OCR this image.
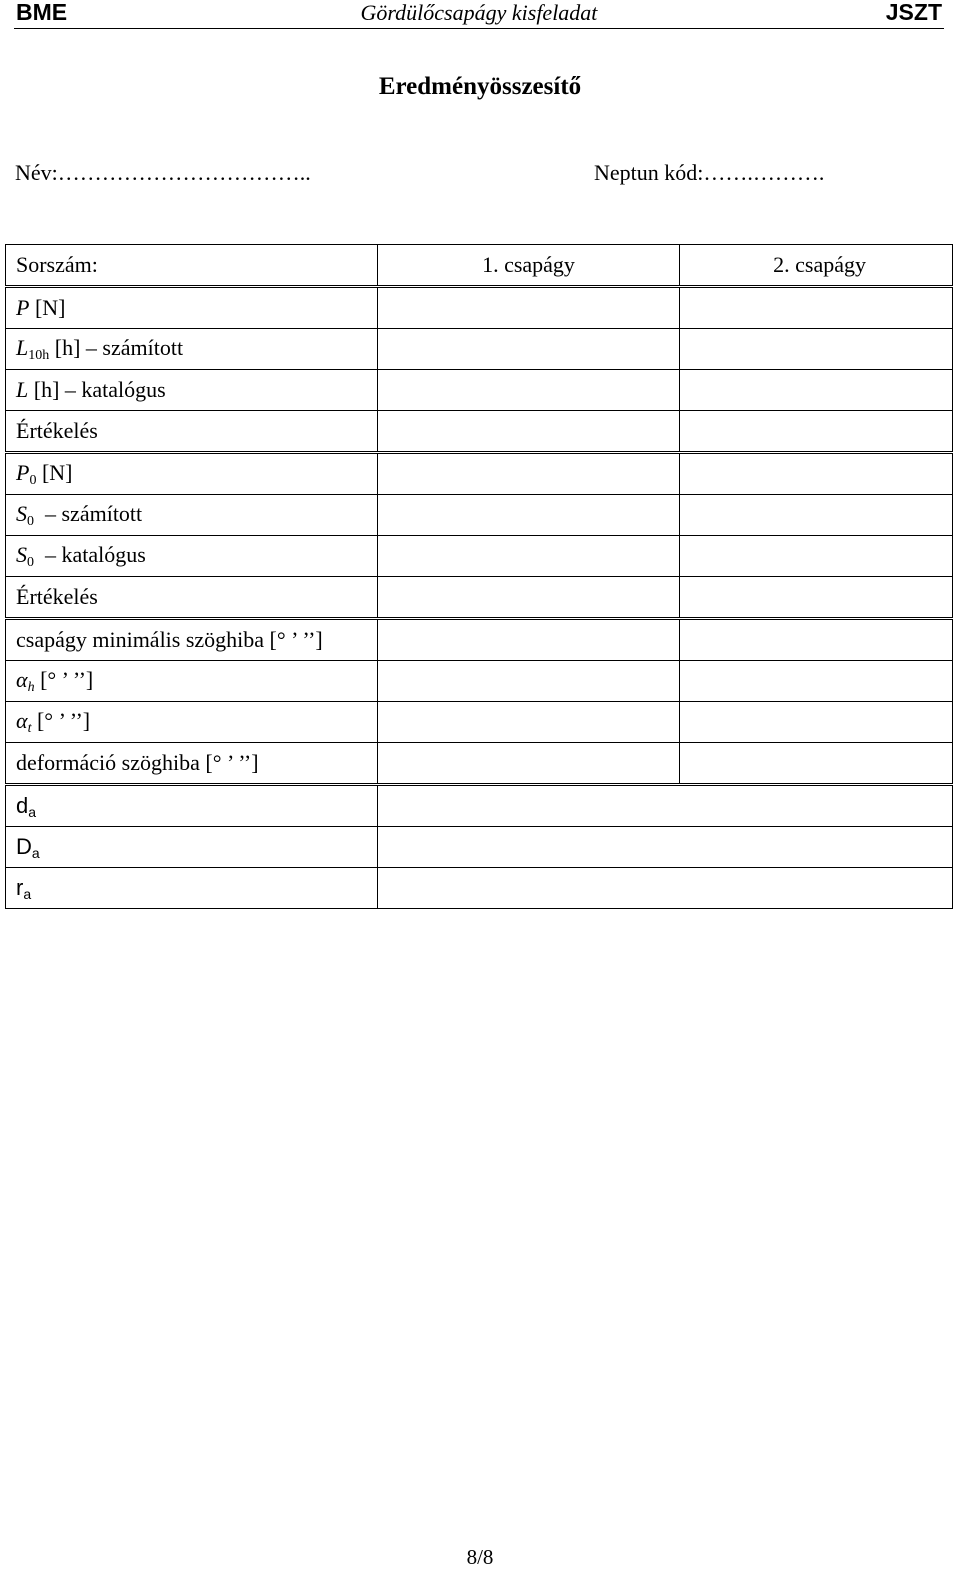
BME	Gördülőcsapágy kisfeladat	JSZT
Eredményösszesítő
Név:……………………………..	Neptun kód:…….……….
Sorszám:	1. csapágy	2. csapágy
P [N]		
$L_{10h}$ [h] – számított		
L [h] – katalógus		
Értékelés		
$P_0$ [N]		
$S_0$  – számított		
$S_0$  – katalógus		
Értékelés		
csapágy minimális szöghiba [° ’ ’’]		
$\alpha_h$ [° ’ ’’]		
$\alpha_t$ [° ’ ’’]		
deformáció szöghiba [° ’ ’’]		
$d_a$	
$D_a$	
$r_a$	
8/8
